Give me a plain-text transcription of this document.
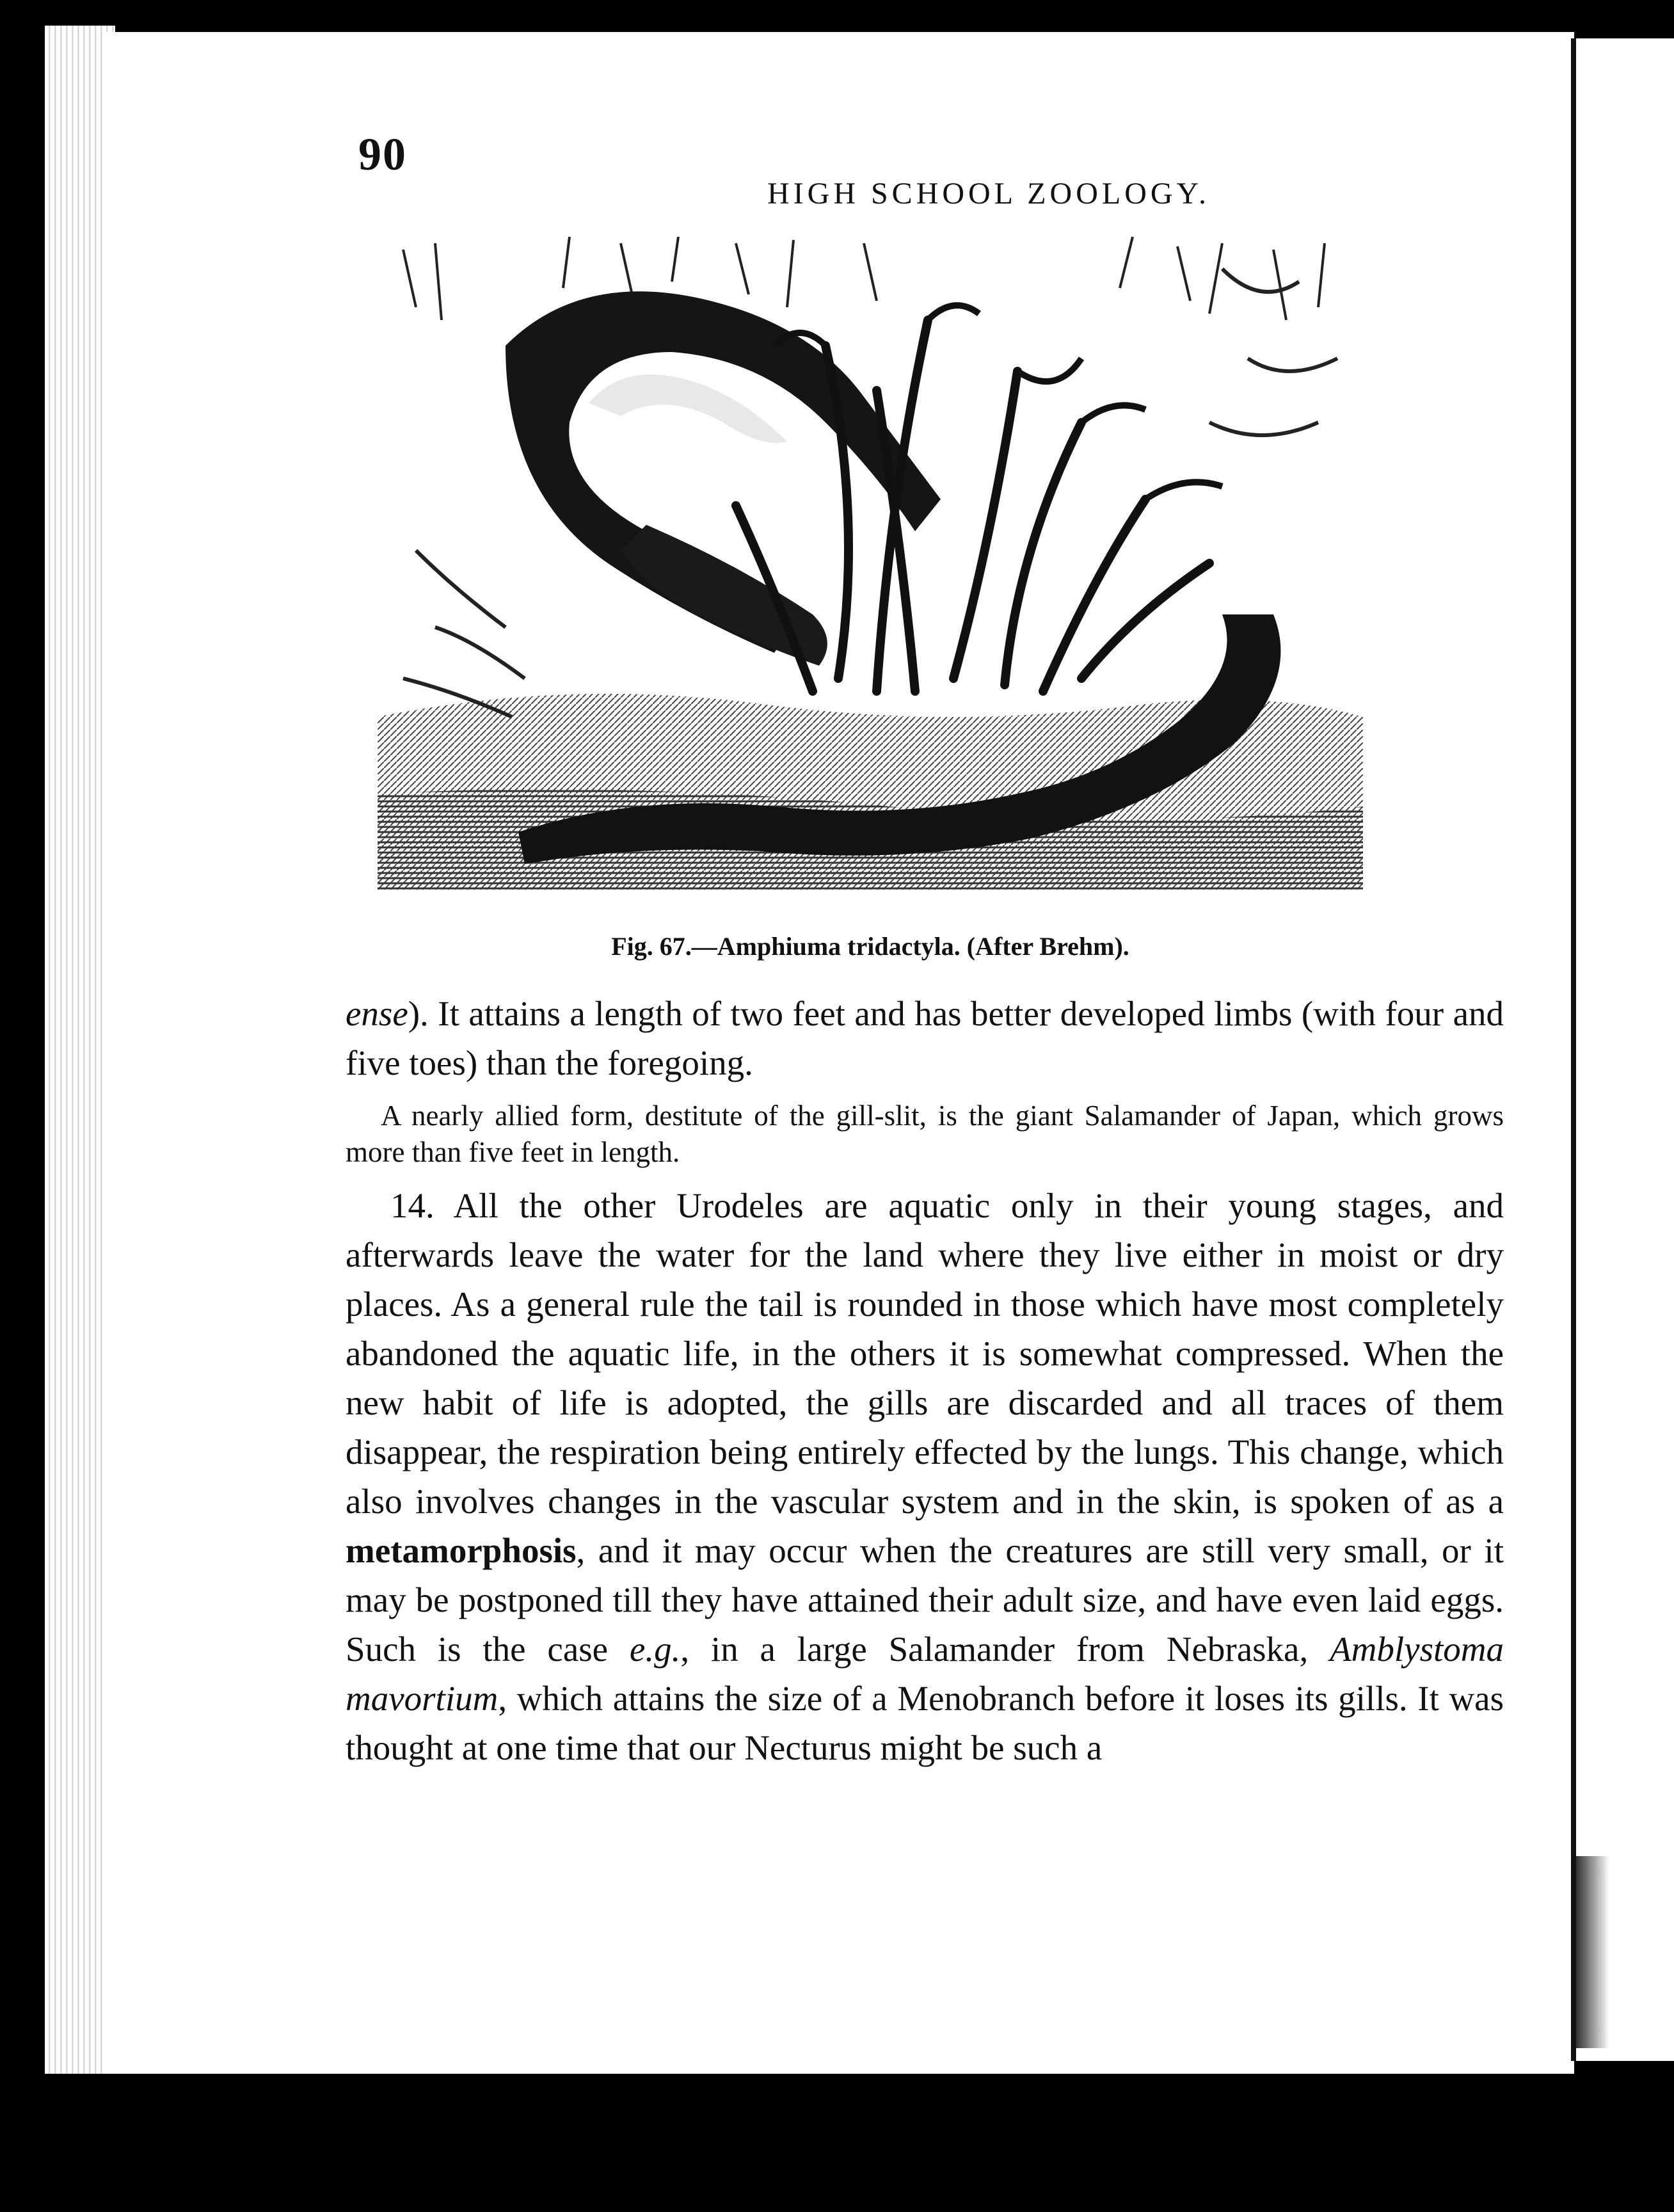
90
HIGH SCHOOL ZOOLOGY.
Fig. 67.—Amphiuma tridactyla. (After Brehm).

ense). It attains a length of two feet and has better developed limbs (with four and five toes) than the foregoing.

A nearly allied form, destitute of the gill-slit, is the giant Salamander of Japan, which grows more than five feet in length.

14. All the other Urodeles are aquatic only in their young stages, and afterwards leave the water for the land where they live either in moist or dry places. As a general rule the tail is rounded in those which have most completely abandoned the aquatic life, in the others it is somewhat compressed. When the new habit of life is adopted, the gills are discarded and all traces of them disappear, the respiration being entirely effected by the lungs. This change, which also involves changes in the vascular system and in the skin, is spoken of as a metamorphosis, and it may occur when the creatures are still very small, or it may be postponed till they have attained their adult size, and have even laid eggs. Such is the case e.g., in a large Salamander from Nebraska, Amblystoma mavortium, which attains the size of a Menobranch before it loses its gills. It was thought at one time that our Necturus might be such a
